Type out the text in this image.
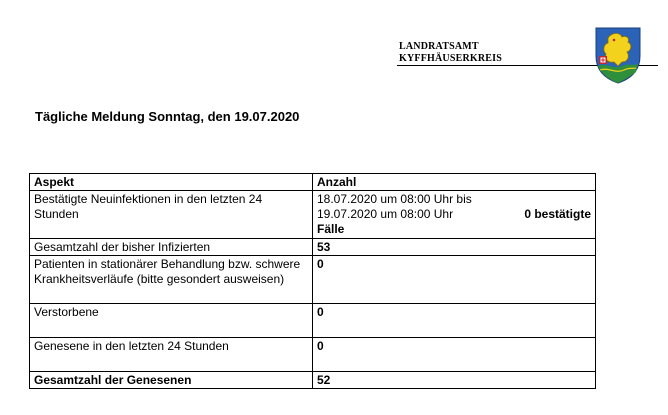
LANDRATSAMT
KYFFHÄUSERKREIS
Tägliche Meldung Sonntag, den 19.07.2020
Aspekt	Anzahl
Bestätigte Neuinfektionen in den letzten 24 Stunden	18.07.2020 um 08:00 Uhr bis
19.07.2020 um 08:00 Uhr 0 bestätigte
Fälle

Gesamtzahl der bisher Infizierten	53
Patienten in stationärer Behandlung bzw. schwere Krankheitsverläufe (bitte gesondert ausweisen)	0
Verstorbene	0
Genesene in den letzten 24 Stunden	0
Gesamtzahl der Genesenen	52
